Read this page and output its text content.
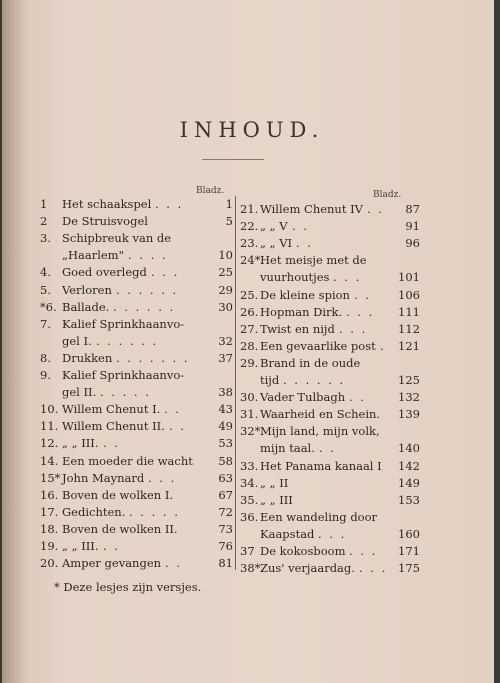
INHOUD.
Bladz.
1 Het schaakspel . . .	1
2 De Struisvogel	5
3. Schipbreuk van de
„Haarlem" . . . .	10
4. Goed overlegd . . .	25
5. Verloren . . . . . .	29
*6. Ballade. . . . . . .	30
7. Kalief Sprinkhaanvo-
gel I. . . . . . .	32
8. Drukken . . . . . . .	37
9. Kalief Sprinkhaanvo-
gel II. . . . . .	38
10. Willem Chenut I. . .	43
11. Willem Chenut II. . .	49
12. „ „ III. . .	53
14. Een moeder die wacht 58
15* John Maynard . . .	63
16. Boven de wolken I.	67
17. Gedichten. . . . . .	72
18. Boven de wolken II.	73
19. „ „ III. . .	76
20. Amper gevangen . .	81
Bladz.
21. Willem Chenut IV . . 87
22. „ „ V . .	91
23. „ „ VI . .	96
24*.
Het meisje met de
vuurhoutjes . . .	101
25. De kleine spion . . 106
26. Hopman Dirk. . . . 111
27. Twist en nijd . . .	112
28. Een gevaarlike post . 121
29. Brand in de oude
tijd . . . . . .	125
30. Vader Tulbagh . .	132
31. Waarheid en Schein. 139
32*.
Mijn land, mijn volk,
mijn taal. . .	140
33. Het Panama kanaal I 142
34. „ „ II	149
35. „ „ III	153
36. Een wandeling door
Kaapstad . . .	160
37 De kokosboom . . . 171
38*.
Zus' verjaardag. . . . 175
* Deze lesjes zijn versjes.
